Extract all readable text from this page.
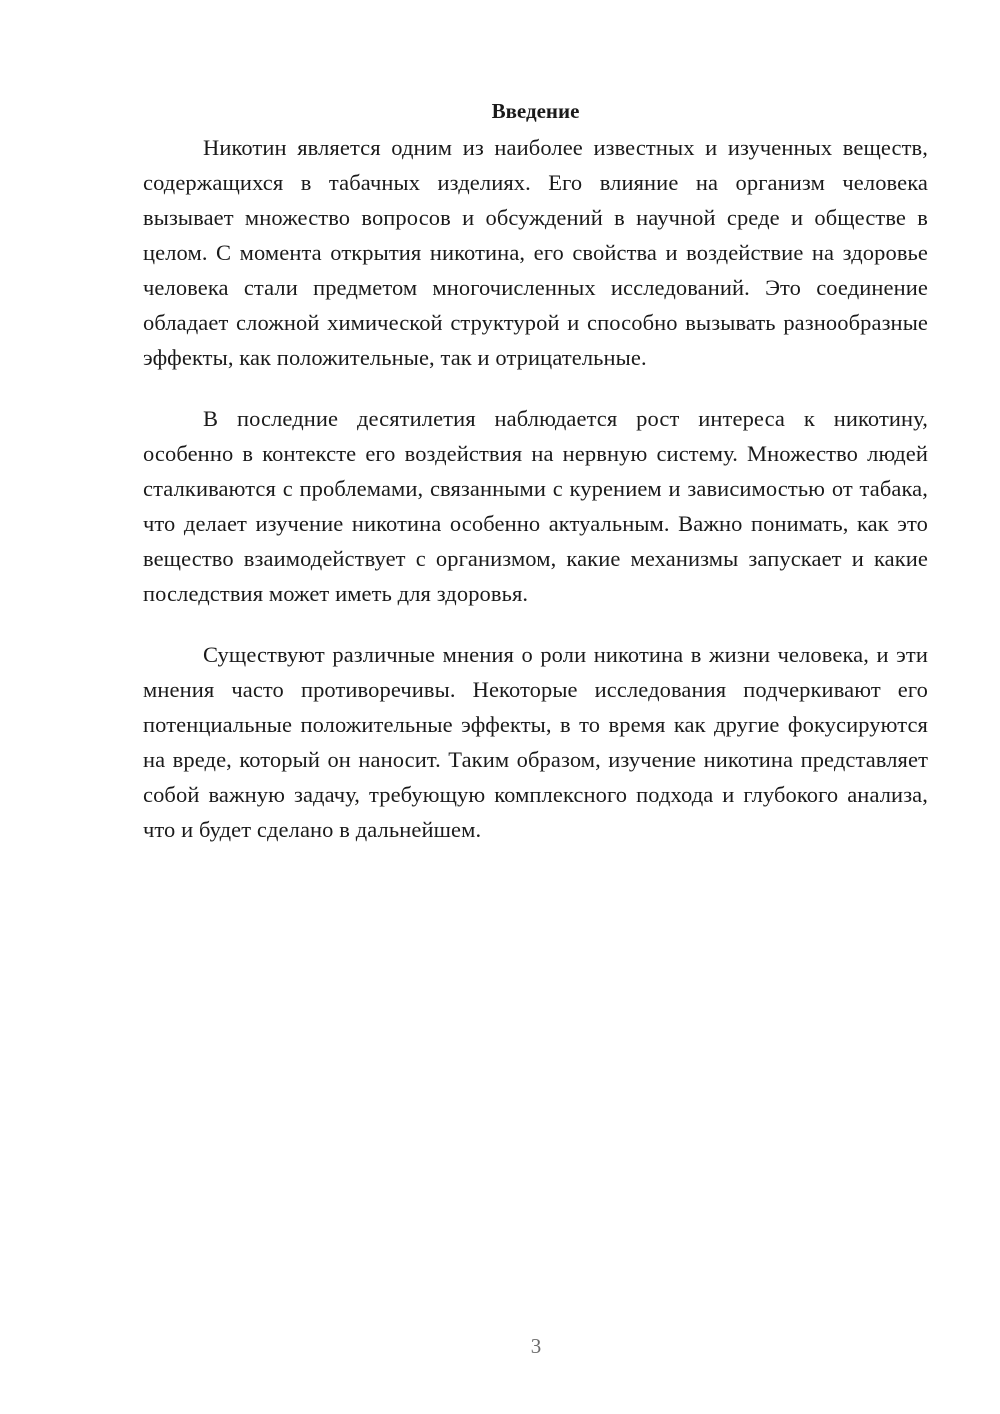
Введение

Никотин является одним из наиболее известных и изученных веществ, содержащихся в табачных изделиях. Его влияние на организм человека вызывает множество вопросов и обсуждений в научной среде и обществе в целом. С момента открытия никотина, его свойства и воздействие на здоровье человека стали предметом многочисленных исследований. Это соединение обладает сложной химической структурой и способно вызывать разнообразные эффекты, как положительные, так и отрицательные.

В последние десятилетия наблюдается рост интереса к никотину, особенно в контексте его воздействия на нервную систему. Множество людей сталкиваются с проблемами, связанными с курением и зависимостью от табака, что делает изучение никотина особенно актуальным. Важно понимать, как это вещество взаимодействует с организмом, какие механизмы запускает и какие последствия может иметь для здоровья.

Существуют различные мнения о роли никотина в жизни человека, и эти мнения часто противоречивы. Некоторые исследования подчеркивают его потенциальные положительные эффекты, в то время как другие фокусируются на вреде, который он наносит. Таким образом, изучение никотина представляет собой важную задачу, требующую комплексного подхода и глубокого анализа, что и будет сделано в дальнейшем.

3
